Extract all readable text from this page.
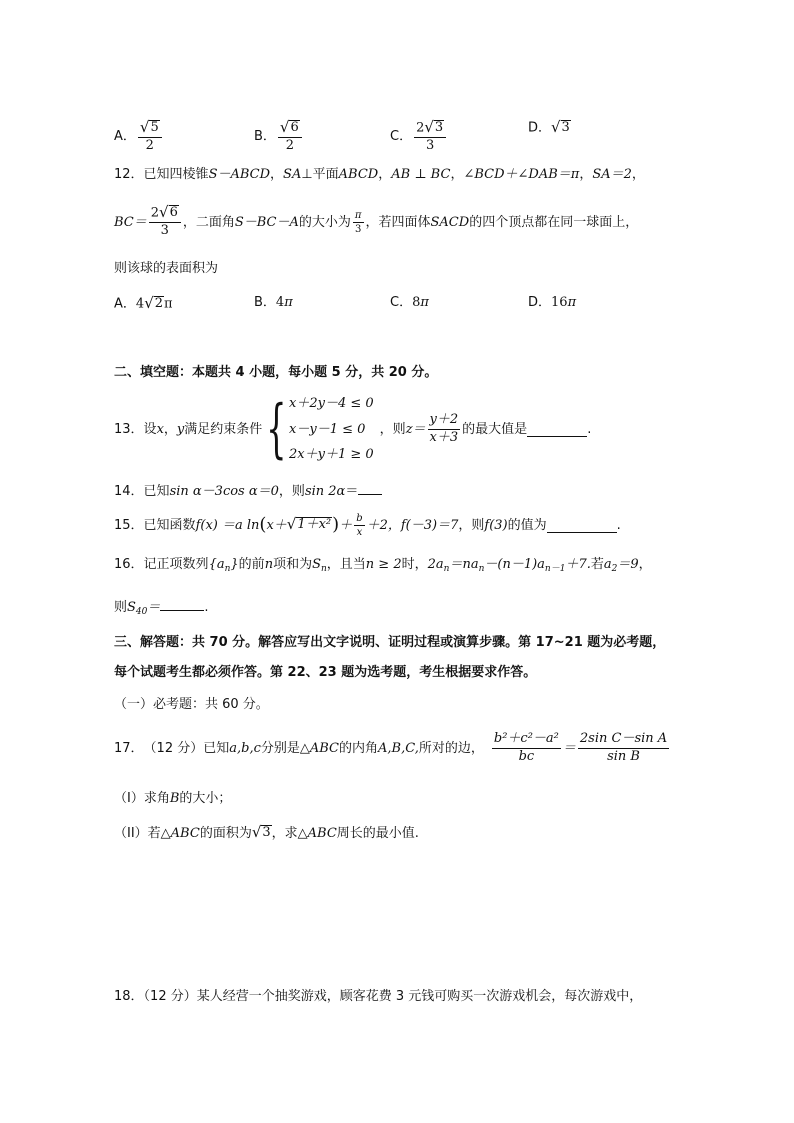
A． $\frac{√ 5}{2}$	B． $\frac{√ 6}{2}$	C． $\frac{2 √ 3}{3}$	D． √ 3
12．已知四棱锥S－ABCD，SA⊥平面ABCD，AB ⊥ BC，∠BCD＋∠DAB＝π，SA＝2，
$BC= \frac{2 √ 6}{3}$ ，二面角 S－BC－A 的大小为 $\frac{\pi}{3}$ ，若四面体 SACD 的四个顶点都在同一球面上，
则该球的表面积为
A．4 √ 2 π	B．4π	C．8π	D．16π
二、填空题：本题共 4 小题，每小题 5 分，共 20 分。
13． 设 x ， y 满足约束条件 { x＋2y－4 ≤ 0
x－y－1 ≤ 0
2x＋y＋1 ≥ 0
，则 $z= \frac{y+2}{x+3}$ 的最大值是	.
14．已知sin α－3cos α＝0，则sin 2α＝
15． 已知函数 f(x) ＝a ln ( x＋ √ 1＋x² ) ＋ $\frac{b}{x} +2$， f(－3)＝7 ，则 f(3) 的值为	.
16．记正项数列$\{a_n\}$的前n项和为$S_n$，且当n ≥ 2时，$2a_n=na_n-(n-1)a_{n-1}+7$.若$a_2=9$，
则$S_{40}=$	.
三、解答题：共 70 分。解答应写出文字说明、证明过程或演算步骤。第 17~21 题为必考题，
每个试题考生都必须作答。第 22、23 题为选考题，考生根据要求作答。
（一）必考题：共 60 分。
17． （12 分） 已知 a,b,c 分别是△ ABC 的内角 A,B,C, 所对的边， $\frac{\text{b²＋c²－a²}}{bc} = \frac{\text{2sin C－sin A}}{\text{sin B}}$
（I）求角B的大小；
（II）若△ ABC 的面积为 √ 3 ，求△ ABC 周长的最小值.
18．（12 分）某人经营一个抽奖游戏，顾客花费 3 元钱可购买一次游戏机会，每次游戏中，
